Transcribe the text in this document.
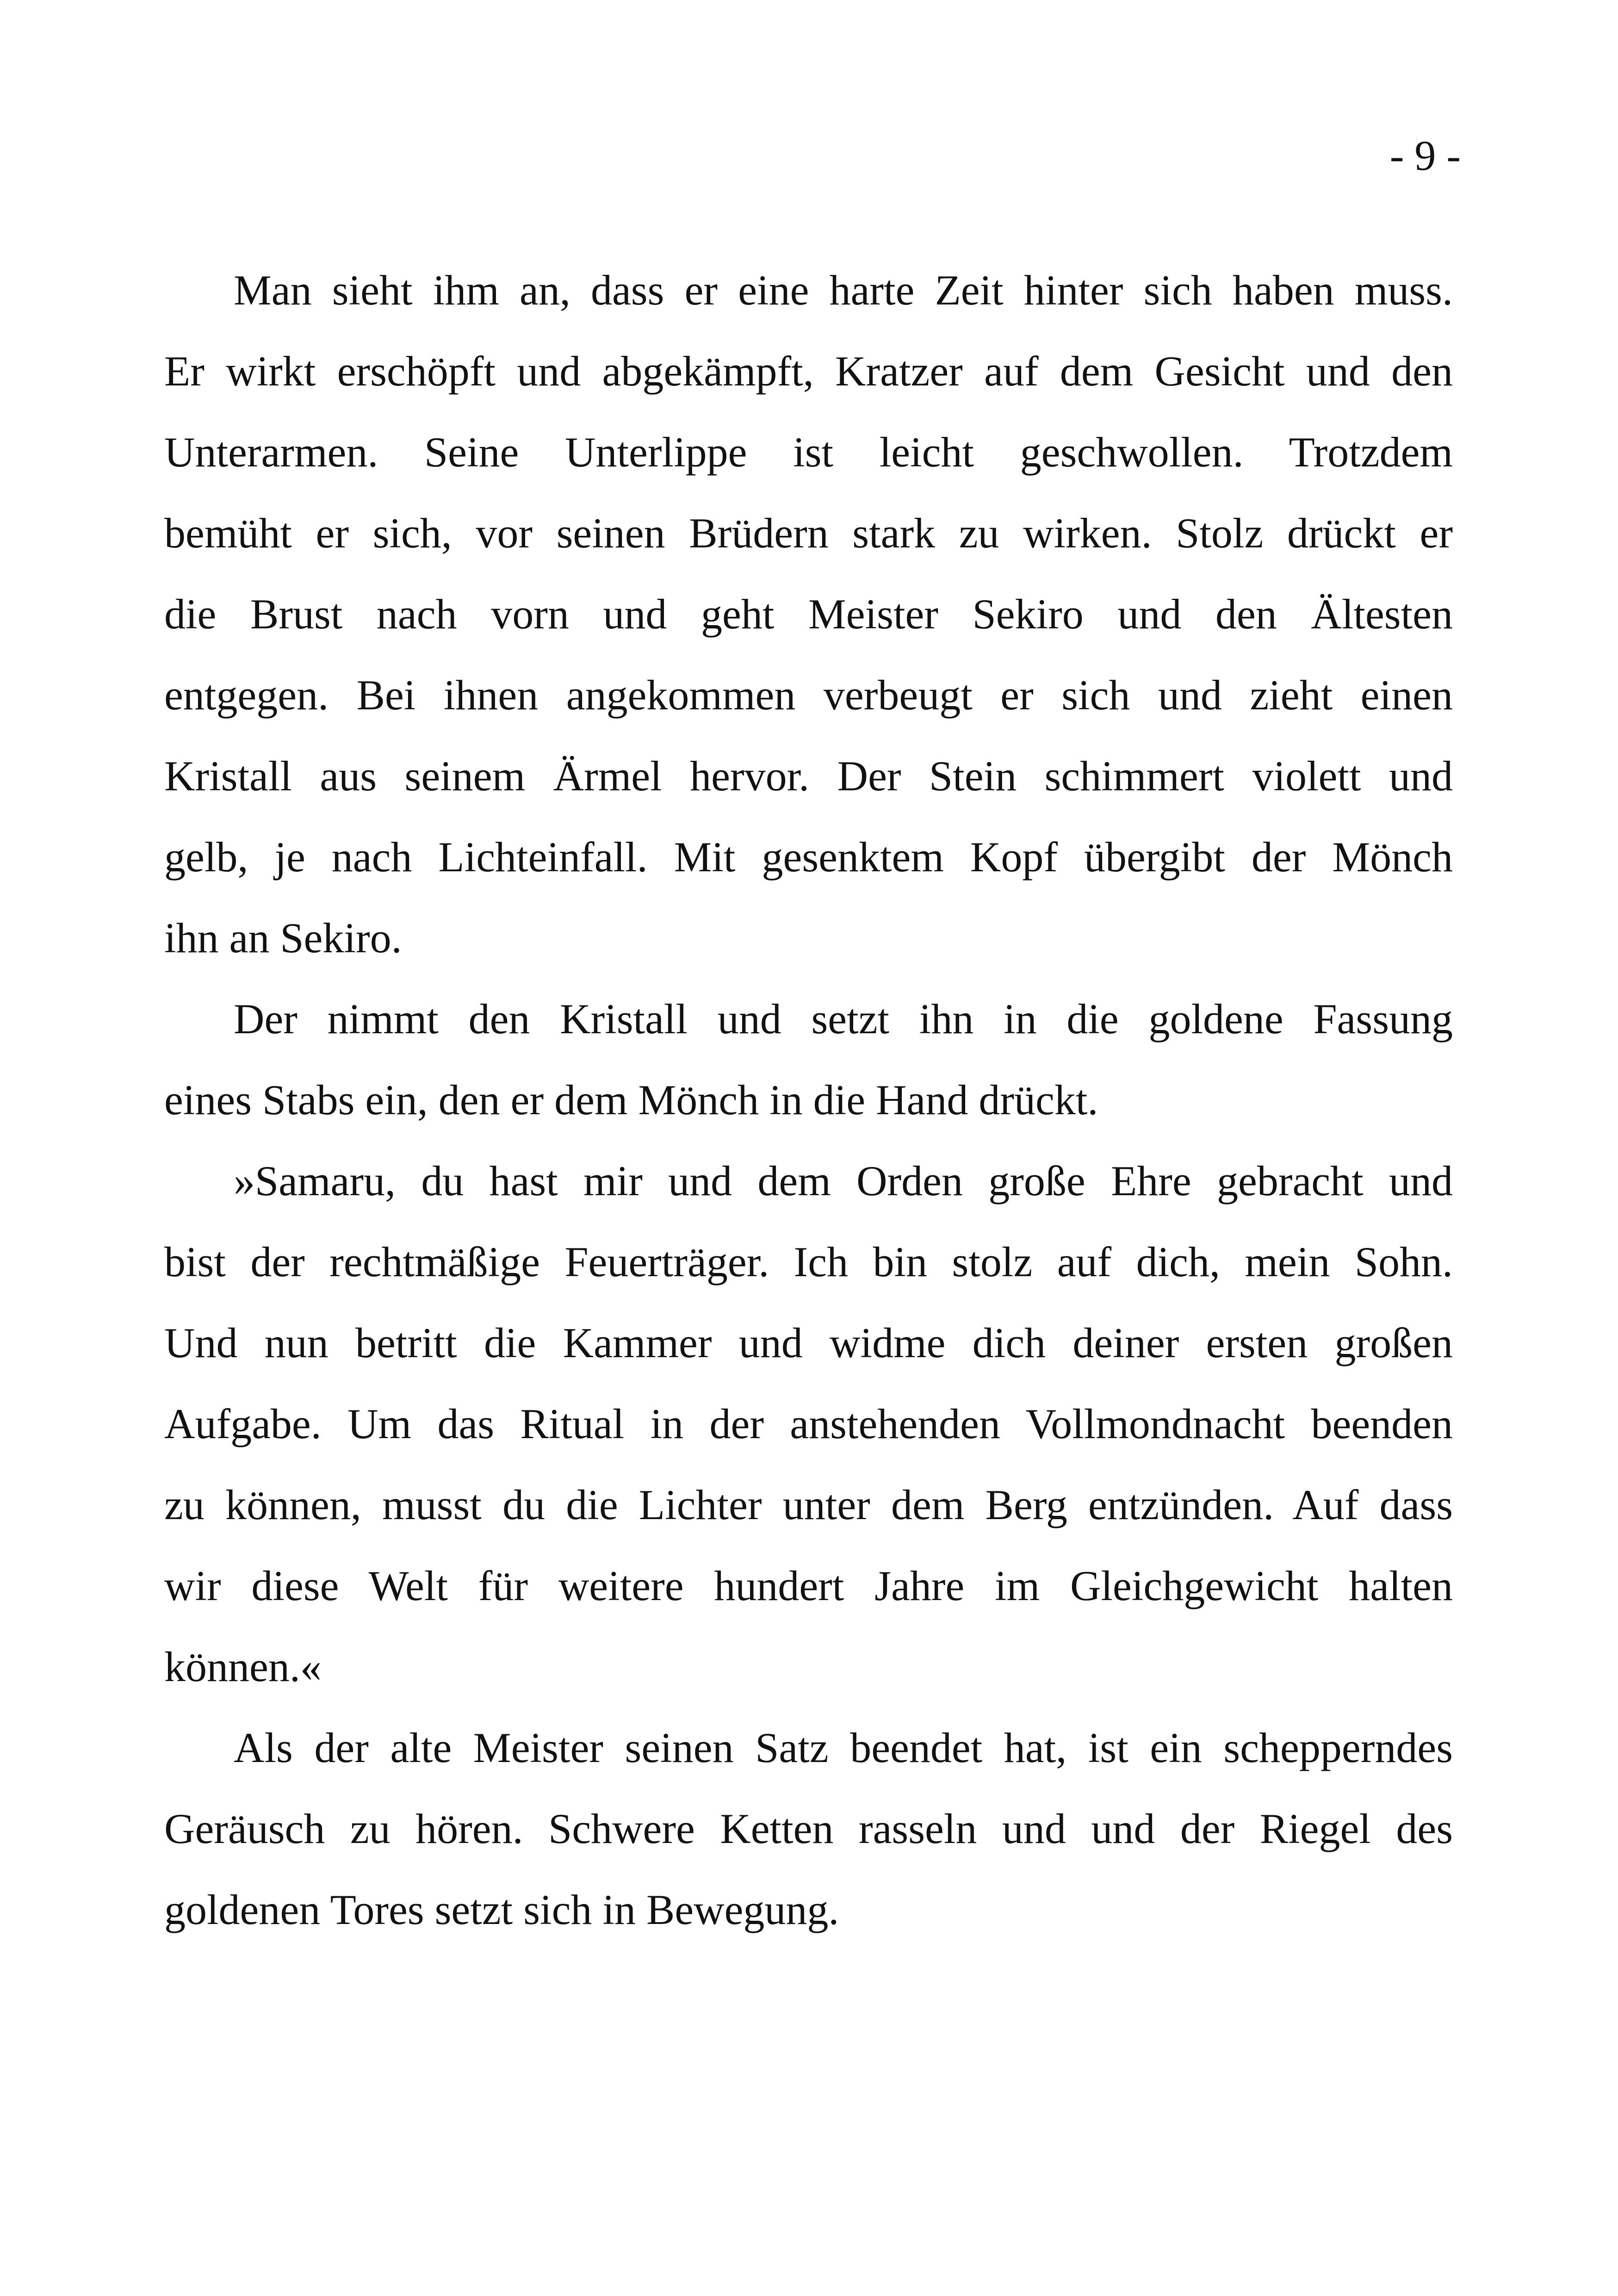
- 9 -
Man sieht ihm an, dass er eine harte Zeit hinter sich haben muss.
Er wirkt erschöpft und abgekämpft, Kratzer auf dem Gesicht und den
Unterarmen. Seine Unterlippe ist leicht geschwollen. Trotzdem
bemüht er sich, vor seinen Brüdern stark zu wirken. Stolz drückt er
die Brust nach vorn und geht Meister Sekiro und den Ältesten
entgegen. Bei ihnen angekommen verbeugt er sich und zieht einen
Kristall aus seinem Ärmel hervor. Der Stein schimmert violett und
gelb, je nach Lichteinfall. Mit gesenktem Kopf übergibt der Mönch
ihn an Sekiro.
Der nimmt den Kristall und setzt ihn in die goldene Fassung
eines Stabs ein, den er dem Mönch in die Hand drückt.
»Samaru, du hast mir und dem Orden große Ehre gebracht und
bist der rechtmäßige Feuerträger. Ich bin stolz auf dich, mein Sohn.
Und nun betritt die Kammer und widme dich deiner ersten großen
Aufgabe. Um das Ritual in der anstehenden Vollmondnacht beenden
zu können, musst du die Lichter unter dem Berg entzünden. Auf dass
wir diese Welt für weitere hundert Jahre im Gleichgewicht halten
können.«
Als der alte Meister seinen Satz beendet hat, ist ein schepperndes
Geräusch zu hören. Schwere Ketten rasseln und und der Riegel des
goldenen Tores setzt sich in Bewegung.
